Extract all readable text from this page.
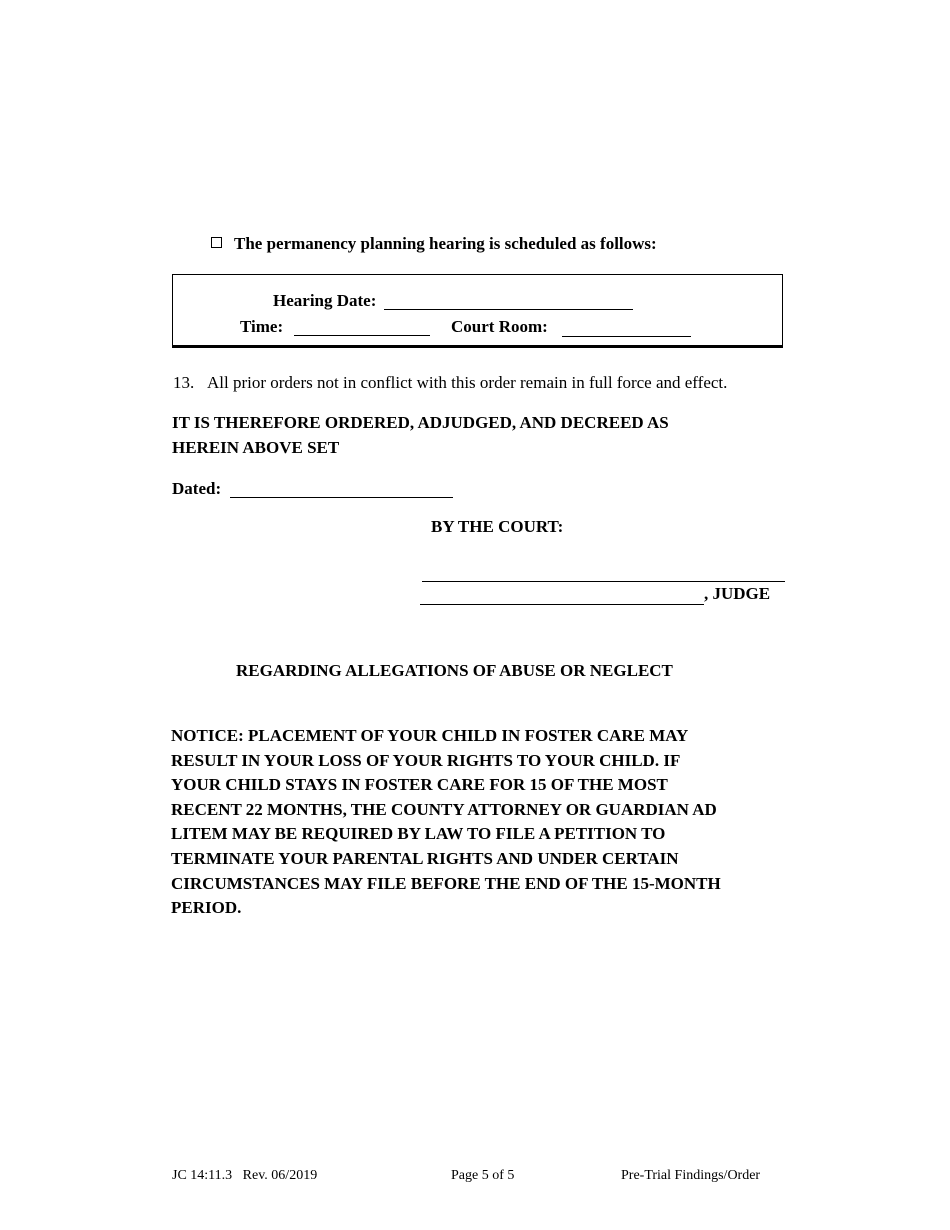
The permanency planning hearing is scheduled as follows:
Hearing Date:
Time:	Court Room:
13. All prior orders not in conflict with this order remain in full force and effect.
IT IS THEREFORE ORDERED, ADJUDGED, AND DECREED AS
HEREIN ABOVE SET
Dated:
BY THE COURT:
, JUDGE
REGARDING ALLEGATIONS OF ABUSE OR NEGLECT
NOTICE: PLACEMENT OF YOUR CHILD IN FOSTER CARE MAY
RESULT IN YOUR LOSS OF YOUR RIGHTS TO YOUR CHILD. IF
YOUR CHILD STAYS IN FOSTER CARE FOR 15 OF THE MOST
RECENT 22 MONTHS, THE COUNTY ATTORNEY OR GUARDIAN AD
LITEM MAY BE REQUIRED BY LAW TO FILE A PETITION TO
TERMINATE YOUR PARENTAL RIGHTS AND UNDER CERTAIN
CIRCUMSTANCES MAY FILE BEFORE THE END OF THE 15-MONTH
PERIOD.
JC 14:11.3   Rev. 06/2019	Page 5 of 5	Pre-Trial Findings/Order
